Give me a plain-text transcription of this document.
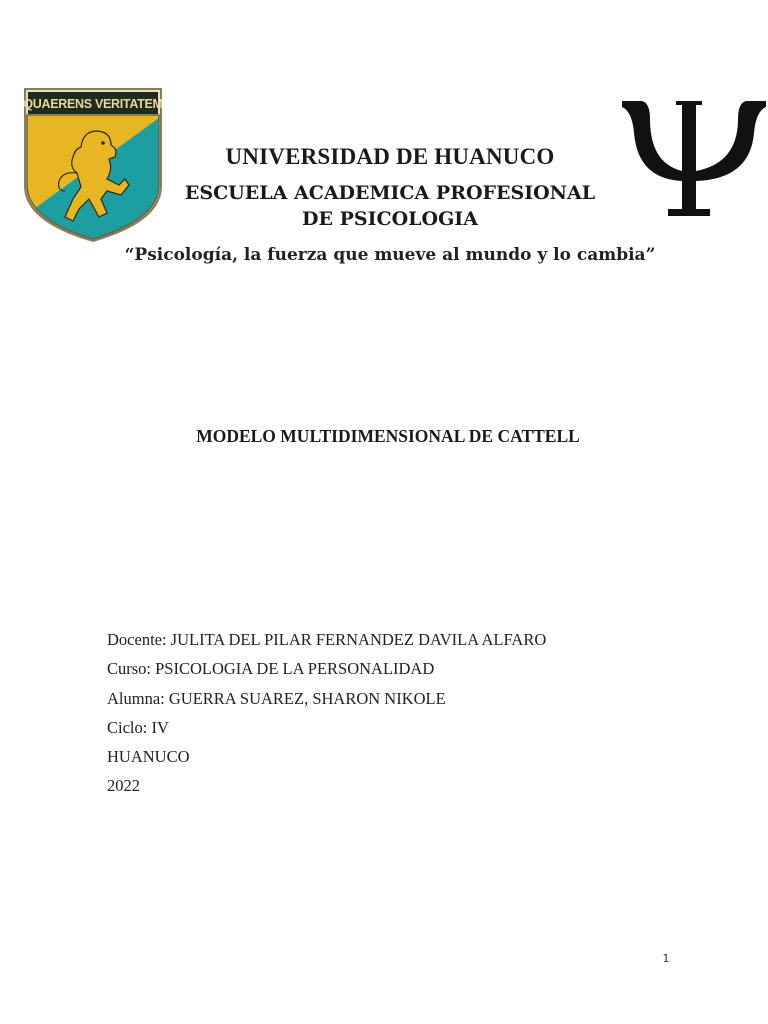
QUAERENS VERITATEM
UNIVERSIDAD DE HUANUCO
ESCUELA ACADEMICA PROFESIONAL
DE PSICOLOGIA
“Psicología, la fuerza que mueve al mundo y lo cambia”
MODELO MULTIDIMENSIONAL DE CATTELL
Docente: JULITA DEL PILAR FERNANDEZ DAVILA ALFARO
Curso: PSICOLOGIA DE LA PERSONALIDAD
Alumna: GUERRA SUAREZ, SHARON NIKOLE
Ciclo: IV
HUANUCO
2022
1
